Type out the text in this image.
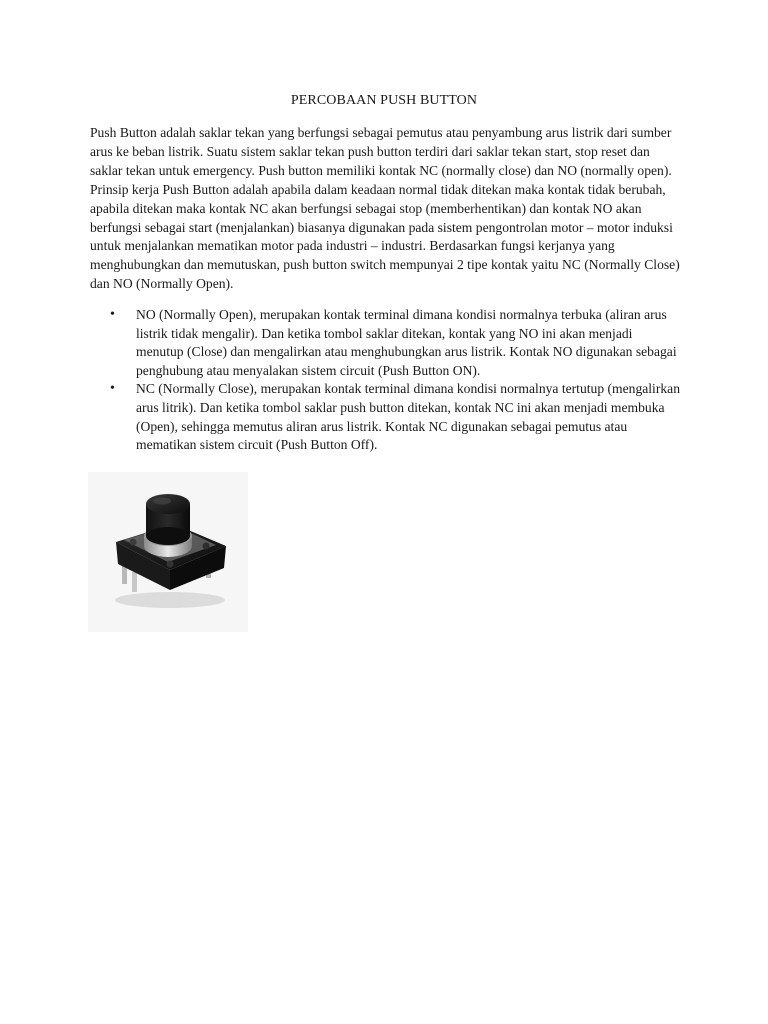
PERCOBAAN PUSH BUTTON

Push Button adalah saklar tekan yang berfungsi sebagai pemutus atau penyambung arus listrik dari sumber arus ke beban listrik. Suatu sistem saklar tekan push button terdiri dari saklar tekan start, stop reset dan saklar tekan untuk emergency. Push button memiliki kontak NC (normally close) dan NO (normally open). Prinsip kerja Push Button adalah apabila dalam keadaan normal tidak ditekan maka kontak tidak berubah, apabila ditekan maka kontak NC akan berfungsi sebagai stop (memberhentikan) dan kontak NO akan berfungsi sebagai start (menjalankan) biasanya digunakan pada sistem pengontrolan motor – motor induksi untuk menjalankan mematikan motor pada industri – industri. Berdasarkan fungsi kerjanya yang menghubungkan dan memutuskan, push button switch mempunyai 2 tipe kontak yaitu NC (Normally Close) dan NO (Normally Open).

• NO (Normally Open), merupakan kontak terminal dimana kondisi normalnya terbuka (aliran arus listrik tidak mengalir). Dan ketika tombol saklar ditekan, kontak yang NO ini akan menjadi menutup (Close) dan mengalirkan atau menghubungkan arus listrik. Kontak NO digunakan sebagai penghubung atau menyalakan sistem circuit (Push Button ON).
• NC (Normally Close), merupakan kontak terminal dimana kondisi normalnya tertutup (mengalirkan arus litrik). Dan ketika tombol saklar push button ditekan, kontak NC ini akan menjadi membuka (Open), sehingga memutus aliran arus listrik. Kontak NC digunakan sebagai pemutus atau mematikan sistem circuit (Push Button Off).
